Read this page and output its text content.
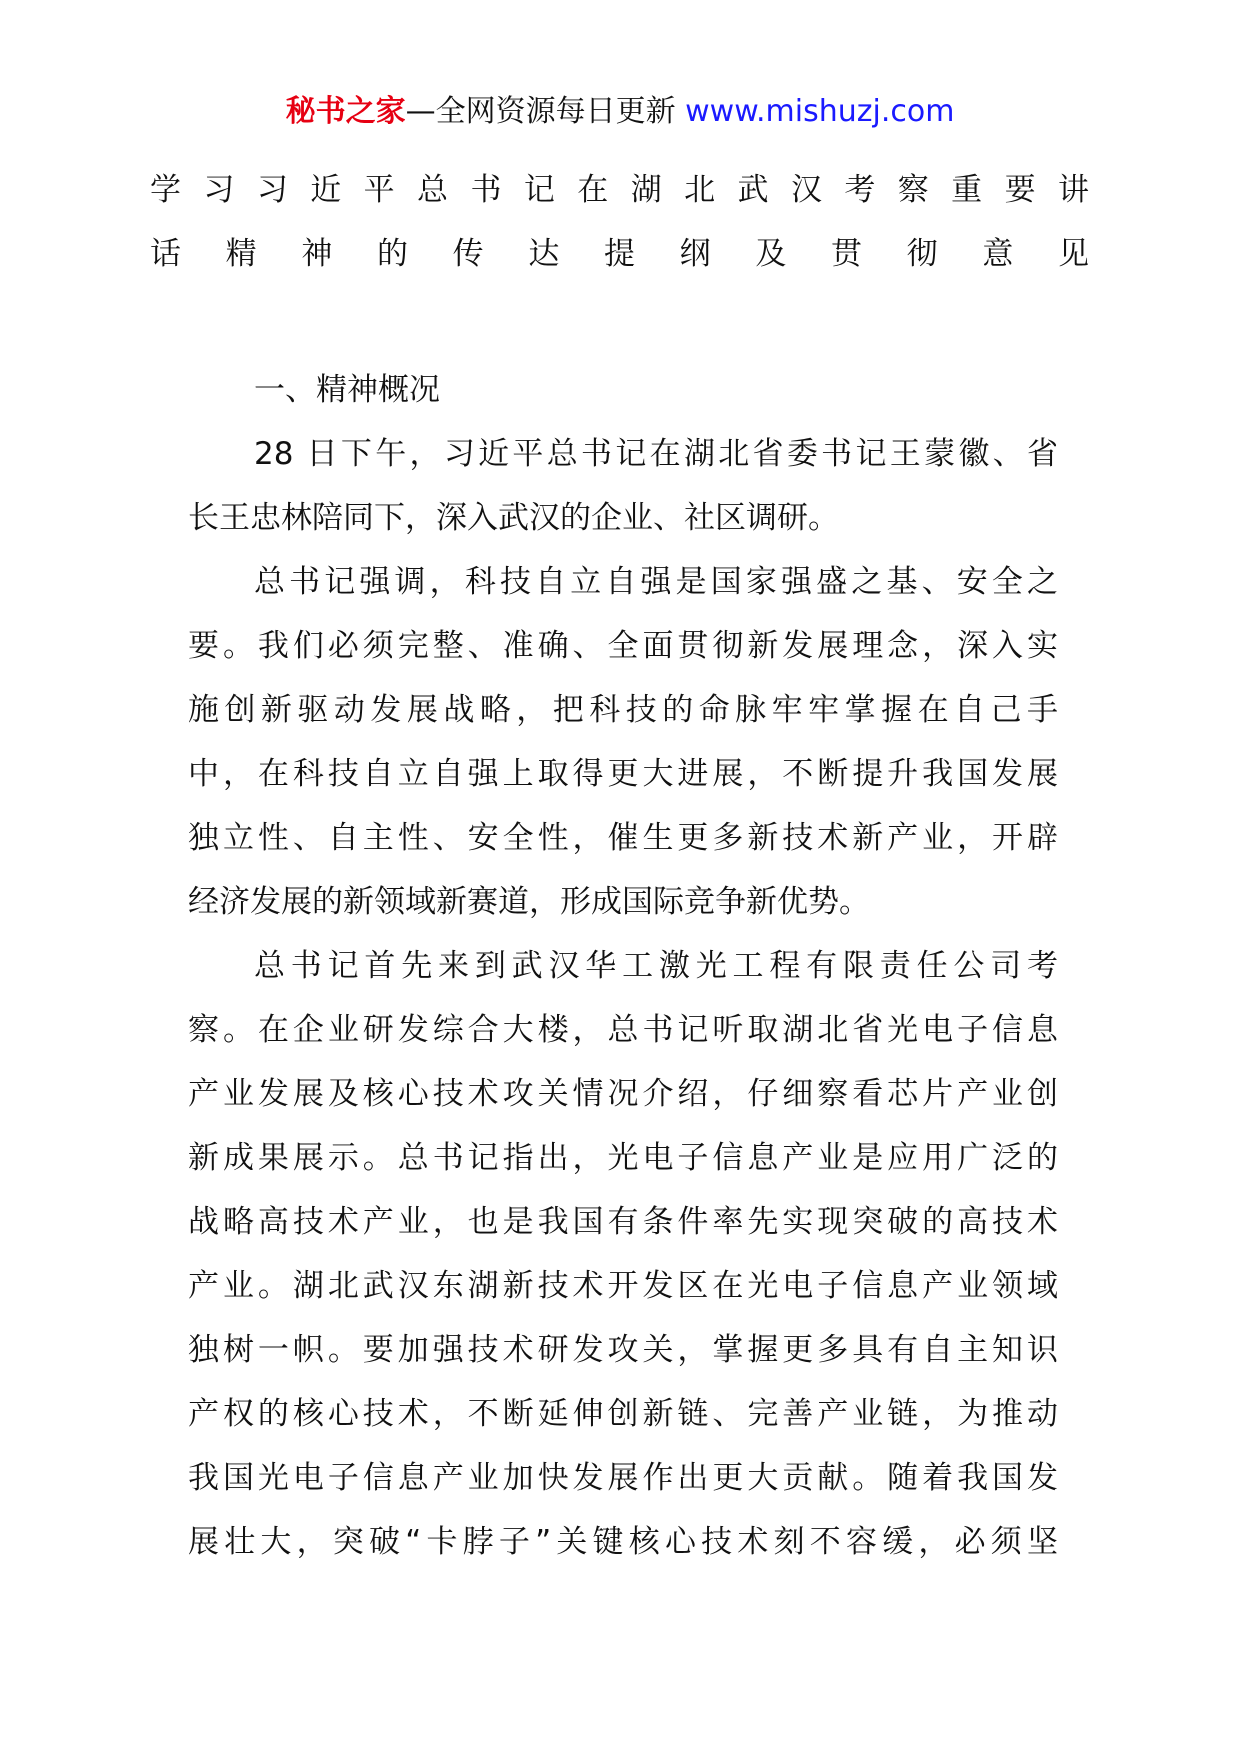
秘书之家—全网资源每日更新 www.mishuzj.com
学习习近平总书记在湖北武汉考察重要讲
话精神的传达提纲及贯彻意见
一、精神概况
28 日下午，习近平总书记在湖北省委书记王蒙徽、省
长王忠林陪同下，深入武汉的企业、社区调研。
总书记强调，科技自立自强是国家强盛之基、安全之
要。我们必须完整、准确、全面贯彻新发展理念，深入实
施创新驱动发展战略，把科技的命脉牢牢掌握在自己手
中，在科技自立自强上取得更大进展，不断提升我国发展
独立性、自主性、安全性，催生更多新技术新产业，开辟
经济发展的新领域新赛道，形成国际竞争新优势。
总书记首先来到武汉华工激光工程有限责任公司考
察。在企业研发综合大楼，总书记听取湖北省光电子信息
产业发展及核心技术攻关情况介绍，仔细察看芯片产业创
新成果展示。总书记指出，光电子信息产业是应用广泛的
战略高技术产业，也是我国有条件率先实现突破的高技术
产业。湖北武汉东湖新技术开发区在光电子信息产业领域
独树一帜。要加强技术研发攻关，掌握更多具有自主知识
产权的核心技术，不断延伸创新链、完善产业链，为推动
我国光电子信息产业加快发展作出更大贡献。随着我国发
展壮大，突破“卡脖子”关键核心技术刻不容缓，必须坚
